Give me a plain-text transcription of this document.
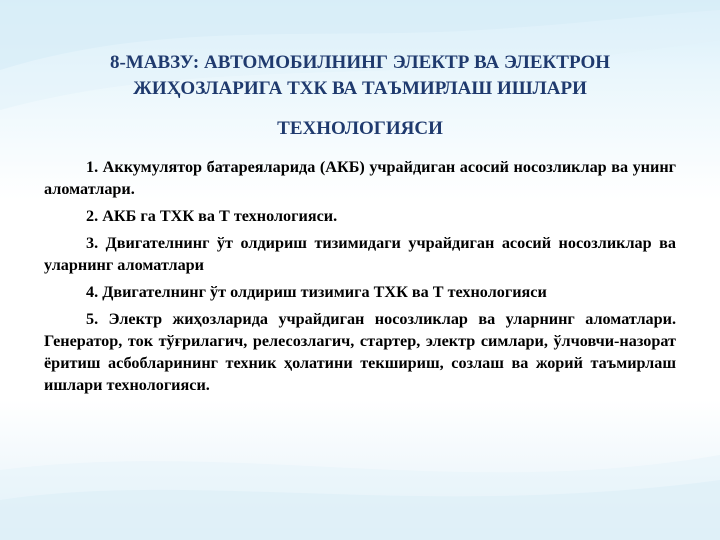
8-МАВЗУ: АВТОМОБИЛНИНГ ЭЛЕКТР ВА ЭЛЕКТРОН
ЖИҲОЗЛАРИГА ТХК ВА ТАЪМИРЛАШ ИШЛАРИ
ТЕХНОЛОГИЯСИ

1. Аккумулятор батареяларида (АКБ) учрайдиган асосий носозликлар ва унинг аломатлари.

2. АКБ га ТХК ва Т технологияси.

3. Двигателнинг ўт олдириш тизимидаги учрайдиган асосий носозликлар ва уларнинг аломатлари

4. Двигателнинг ўт олдириш тизимига ТХК ва Т технологияси

5. Электр жиҳозларида учрайдиган носозликлар ва уларнинг аломатлари. Генератор, ток тўғрилагич, релесозлагич, стартер, электр симлари, ўлчовчи-назорат ёритиш асбобларининг техник ҳолатини текшириш, созлаш ва жорий таъмирлаш ишлари технологияси.
